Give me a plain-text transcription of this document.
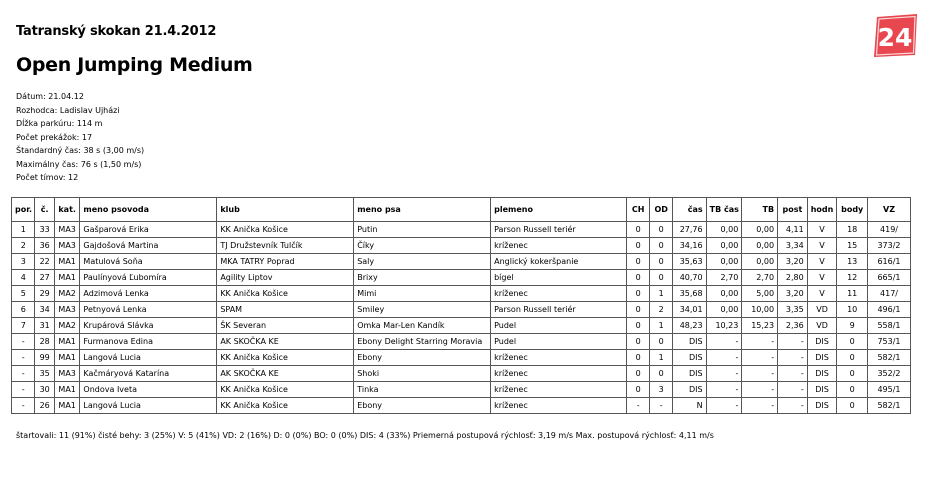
Tatranský skokan 21.4.2012
Open Jumping Medium
24
Dátum: 21.04.12
Rozhodca: Ladislav Ujházi
Dĺžka parkúru: 114 m
Počet prekážok: 17
Štandardný čas: 38 s (3,00 m/s)
Maximálny čas: 76 s (1,50 m/s)
Počet tímov: 12
por.	č.	kat.	meno psovoda	klub	meno psa	plemeno	CH	OD	čas	TB čas	TB	post	hodn	body	VZ
1	33	MA3	Gašparová Erika	KK Anička Košice	Putin	Parson Russell teriér	0	0	27,76	0,00	0,00	4,11	V	18	419/
2	36	MA3	Gajdošová Martina	TJ Družstevník Tulčík	Číky	kríženec	0	0	34,16	0,00	0,00	3,34	V	15	373/2
3	22	MA1	Matulová Soňa	MKA TATRY Poprad	Saly	Anglický kokeršpanie	0	0	35,63	0,00	0,00	3,20	V	13	616/1
4	27	MA1	Paulínyová Ľubomíra	Agility Liptov	Brixy	bígel	0	0	40,70	2,70	2,70	2,80	V	12	665/1
5	29	MA2	Adzimová Lenka	KK Anička Košice	Mimi	kríženec	0	1	35,68	0,00	5,00	3,20	V	11	417/
6	34	MA3	Petnyová Lenka	SPAM	Smiley	Parson Russell teriér	0	2	34,01	0,00	10,00	3,35	VD	10	496/1
7	31	MA2	Krupárová Slávka	ŠK Severan	Omka Mar-Len Kandík	Pudel	0	1	48,23	10,23	15,23	2,36	VD	9	558/1
-	28	MA1	Furmanova Edina	AK SKOČKA KE	Ebony Delight Starring Moravia	Pudel	0	0	DIS	-	-	-	DIS	0	753/1
-	99	MA1	Langová Lucia	KK Anička Košice	Ebony	kríženec	0	1	DIS	-	-	-	DIS	0	582/1
-	35	MA3	Kačmáryová Katarína	AK SKOČKA KE	Shoki	kríženec	0	0	DIS	-	-	-	DIS	0	352/2
-	30	MA1	Ondova Iveta	KK Anička Košice	Tinka	kríženec	0	3	DIS	-	-	-	DIS	0	495/1
-	26	MA1	Langová Lucia	KK Anička Košice	Ebony	kríženec	-	-	N	-	-	-	DIS	0	582/1
štartovali: 11 (91%) čisté behy: 3 (25%) V: 5 (41%) VD: 2 (16%) D: 0 (0%) BO: 0 (0%) DIS: 4 (33%) Priemerná postupová rýchlosť: 3,19 m/s Max. postupová rýchlosť: 4,11 m/s
